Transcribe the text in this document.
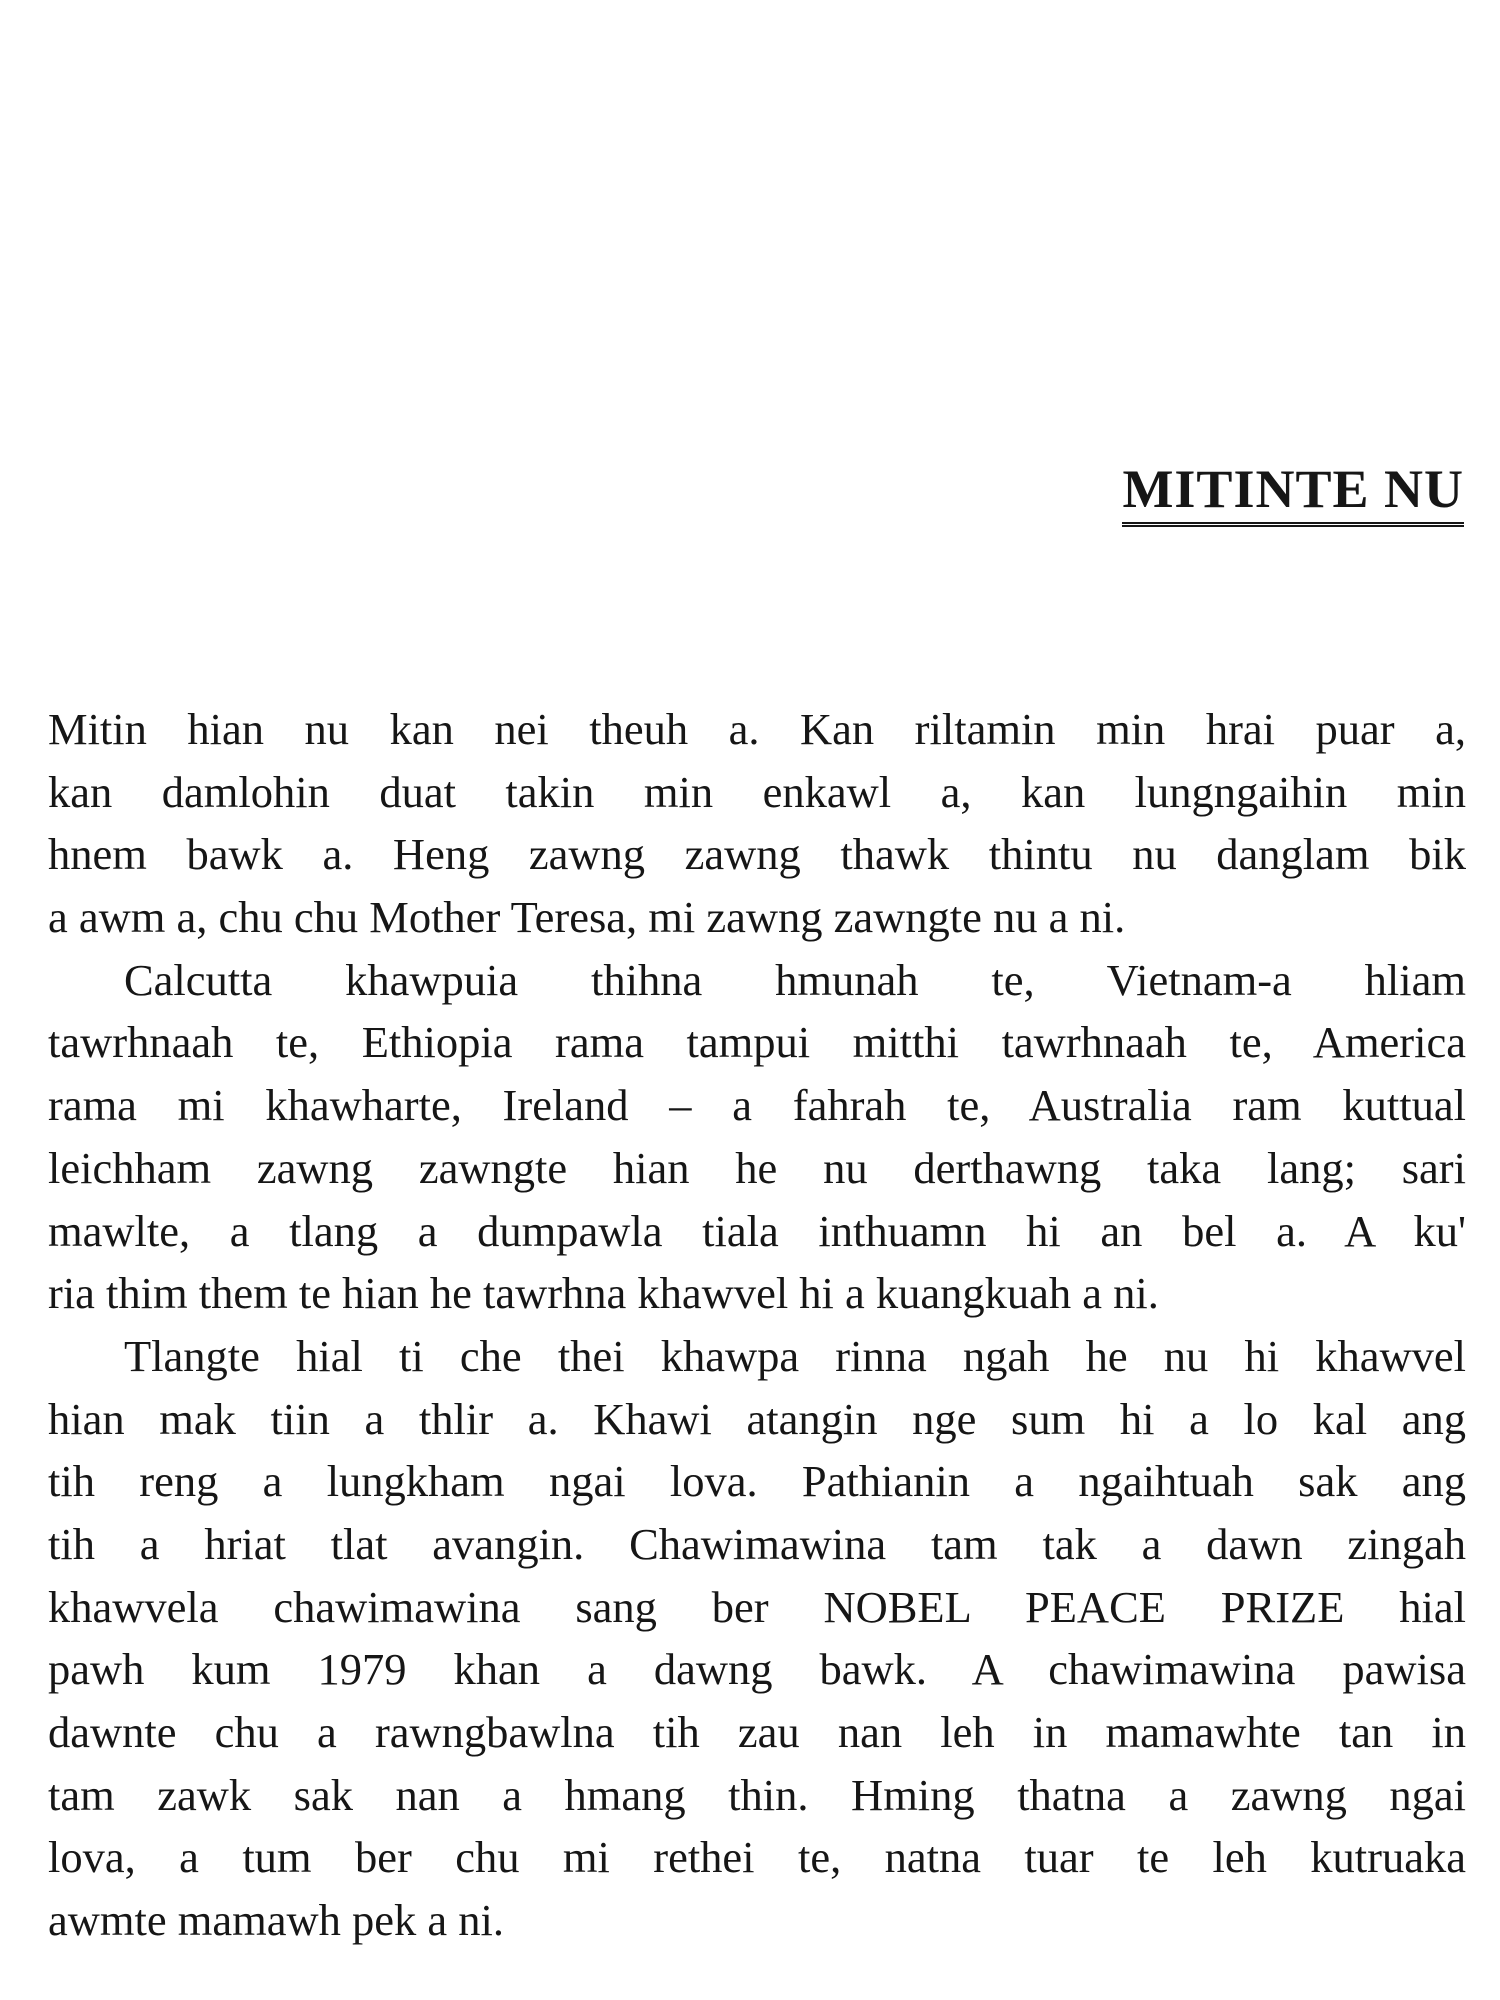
MITINTE NU
Mitin hian nu kan nei theuh a. Kan riltamin min hrai puar a,
kan damlohin duat takin min enkawl a, kan lungngaihin min
hnem bawk a. Heng zawng zawng thawk thintu nu danglam bik
a awm a, chu chu Mother Teresa, mi zawng zawngte nu a ni.
Calcutta khawpuia thihna hmunah te, Vietnam-a hliam
tawrhnaah te, Ethiopia rama tampui mitthi tawrhnaah te, America
rama mi khawharte, Ireland – a fahrah te, Australia ram kuttual
leichham zawng zawngte hian he nu derthawng taka lang; sari
mawlte, a tlang a dumpawla tiala inthuamn hi an bel a. A ku'
ria thim them te hian he tawrhna khawvel hi a kuangkuah a ni.
Tlangte hial ti che thei khawpa rinna ngah he nu hi khawvel
hian mak tiin a thlir a. Khawi atangin nge sum hi a lo kal ang
tih reng a lungkham ngai lova. Pathianin a ngaihtuah sak ang
tih a hriat tlat avangin. Chawimawina tam tak a dawn zingah
khawvela chawimawina sang ber NOBEL PEACE PRIZE hial
pawh kum 1979 khan a dawng bawk. A chawimawina pawisa
dawnte chu a rawngbawlna tih zau nan leh in mamawhte tan in
tam zawk sak nan a hmang thin. Hming thatna a zawng ngai
lova, a tum ber chu mi rethei te, natna tuar te leh kutruaka
awmte mamawh pek a ni.
